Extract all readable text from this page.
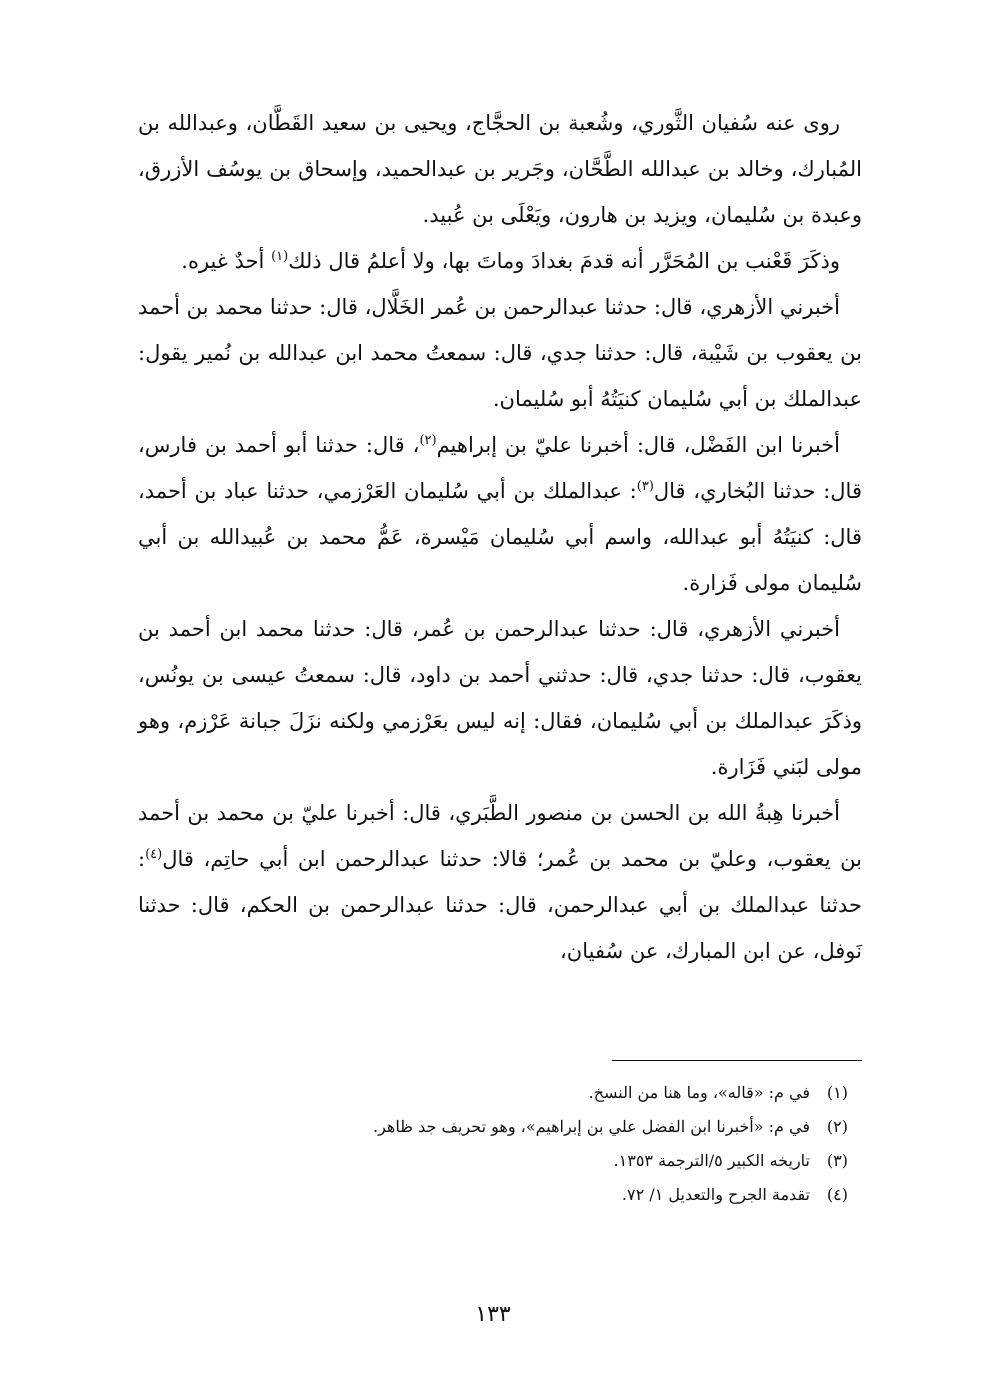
روى عنه سُفيان الثَّوري، وشُعبة بن الحجَّاج، ويحيى بن سعيد القَطَّان، وعبدالله بن المُبارك، وخالد بن عبدالله الطَّحَّان، وجَرير بن عبدالحميد، وإسحاق بن يوسُف الأزرق، وعبدة بن سُليمان، ويزيد بن هارون، ويَعْلَى بن عُبيد.

وذكَرَ قَعْنب بن المُحَرَّر أنه قدمَ بغدادَ وماتَ بها، ولا أعلمُ قال ذلك$^{(١)}$ أحدٌ غيره.

أخبرني الأزهري، قال: حدثنا عبدالرحمن بن عُمر الخَلَّال، قال: حدثنا محمد بن أحمد بن يعقوب بن شَيْبة، قال: حدثنا جدي، قال: سمعتُ محمد ابن عبدالله بن نُمير يقول: عبدالملك بن أبي سُليمان كنيَتُهُ أبو سُليمان.

أخبرنا ابن الفَضْل، قال: أخبرنا عليّ بن إبراهيم$^{(٢)}$، قال: حدثنا أبو أحمد بن فارس، قال: حدثنا البُخاري، قال$^{(٣)}$: عبدالملك بن أبي سُليمان العَرْزمي، حدثنا عباد بن أحمد، قال: كنيَتُهُ أبو عبدالله، واسم أبي سُليمان مَيْسرة، عَمُّ محمد بن عُبيدالله بن أبي سُليمان مولى فَزارة.

أخبرني الأزهري، قال: حدثنا عبدالرحمن بن عُمر، قال: حدثنا محمد ابن أحمد بن يعقوب، قال: حدثنا جدي، قال: حدثني أحمد بن داود، قال: سمعتُ عيسى بن يونُس، وذكَرَ عبدالملك بن أبي سُليمان، فقال: إنه ليس بعَرْزمي ولكنه نزَلَ جبانة عَرْزم، وهو مولى لبَني فَزَارة.

أخبرنا هِبةُ الله بن الحسن بن منصور الطَّبَري، قال: أخبرنا عليّ بن محمد بن أحمد بن يعقوب، وعليّ بن محمد بن عُمر؛ قالا: حدثنا عبدالرحمن ابن أبي حاتِم، قال$^{(٤)}$: حدثنا عبدالملك بن أبي عبدالرحمن، قال: حدثنا عبدالرحمن بن الحكم، قال: حدثنا نَوفل، عن ابن المبارك، عن سُفيان،

(١)في م: «قاله»، وما هنا من النسخ.

(٢)في م: «أخبرنا ابن الفضل علي بن إبراهيم»، وهو تحريف جد ظاهر.

(٣)تاريخه الكبير ٥/الترجمة ١٣٥٣.

(٤)تقدمة الجرح والتعديل ١/ ٧٢.

١٣٣
